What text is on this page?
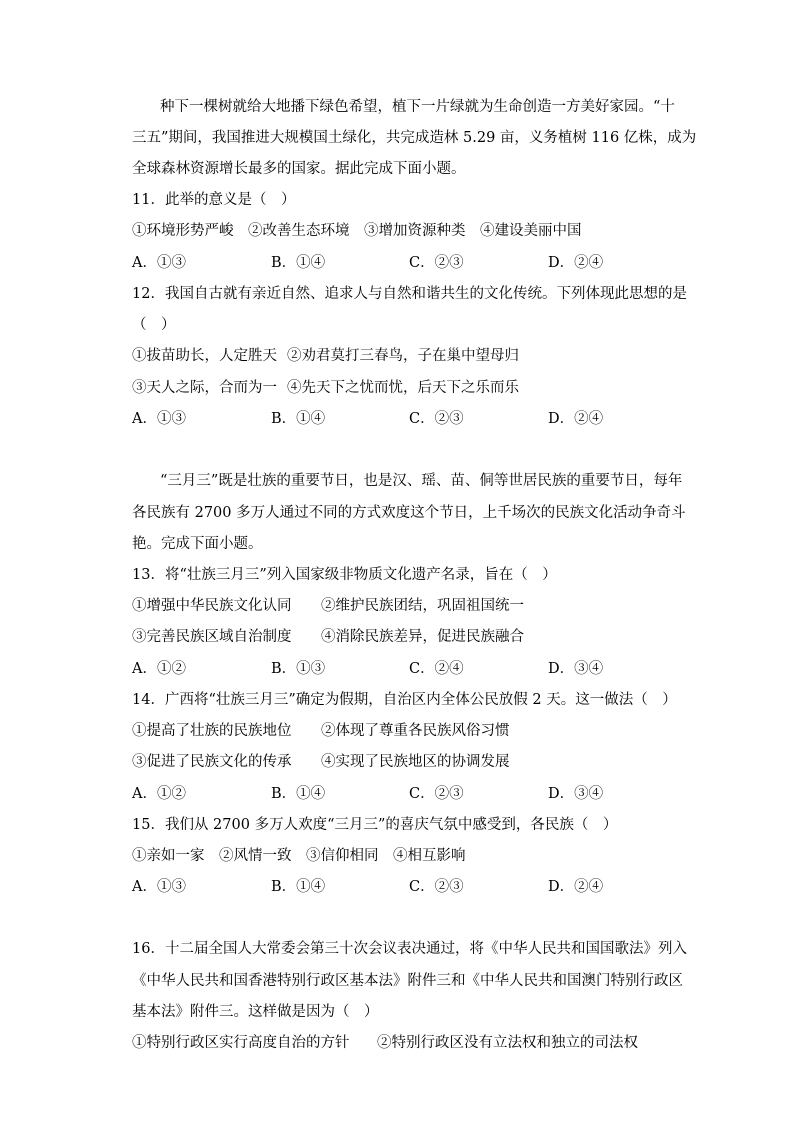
种下一棵树就给大地播下绿色希望，植下一片绿就为生命创造一方美好家园。“十
三五”期间，我国推进大规模国土绿化，共完成造林 5.29 亩，义务植树 116 亿株，成为
全球森林资源增长最多的国家。据此完成下面小题。
11．此举的意义是（　）
①环境形势严峻　②改善生态环境　③增加资源种类　④建设美丽中国
A．①③	B．①④	C．②③	D．②④
12．我国自古就有亲近自然、追求人与自然和谐共生的文化传统。下列体现此思想的是
（　）
①拔苗助长，人定胜天 ②劝君莫打三春鸟，子在巢中望母归
③天人之际，合而为一 ④先天下之忧而忧，后天下之乐而乐
A．①③	B．①④	C．②③	D．②④
“三月三”既是壮族的重要节日，也是汉、瑶、苗、侗等世居民族的重要节日，每年
各民族有 2700 多万人通过不同的方式欢度这个节日，上千场次的民族文化活动争奇斗
艳。完成下面小题。
13．将“壮族三月三”列入国家级非物质文化遗产名录，旨在（　）
①增强中华民族文化认同 ②维护民族团结，巩固祖国统一
③完善民族区域自治制度 ④消除民族差异，促进民族融合
A．①②	B．①③	C．②④	D．③④
14．广西将“壮族三月三”确定为假期，自治区内全体公民放假 2 天。这一做法（　）
①提高了壮族的民族地位 ②体现了尊重各民族风俗习惯
③促进了民族文化的传承 ④实现了民族地区的协调发展
A．①②	B．①④	C．②③	D．③④
15．我们从 2700 多万人欢度“三月三”的喜庆气氛中感受到，各民族（　）
①亲如一家　②风情一致　③信仰相同　④相互影响
A．①③	B．①④	C．②③	D．②④
16．十二届全国人大常委会第三十次会议表决通过，将《中华人民共和国国歌法》列入
《中华人民共和国香港特别行政区基本法》附件三和《中华人民共和国澳门特别行政区
基本法》附件三。这样做是因为（　）
①特别行政区实行高度自治的方针 ②特别行政区没有立法权和独立的司法权
